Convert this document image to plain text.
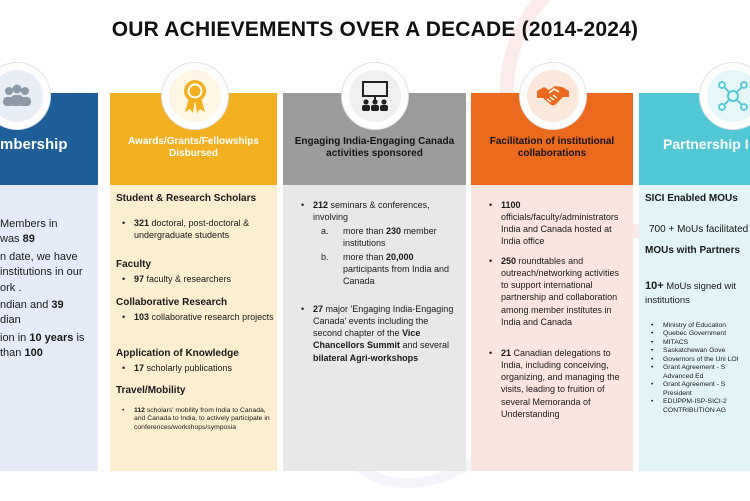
OUR ACHIEVEMENTS OVER A DECADE (2014-2024)
mbership
Members in
was 89
n date, we have
institutions in our
ork .
ndian and 39
dian
ion in 10 years is
than 100
Awards/Grants/Fellowships Disbursed
Student & Research Scholars
• 321 doctoral, post-doctoral & undergraduate students
Faculty
• 97 faculty & researchers
Collaborative Research
• 103 collaborative research projects
Application of Knowledge
• 17 scholarly publications
Travel/Mobility
• 112 scholars' mobility from India to Canada, and Canada to India, to actively participate in conferences/workshops/symposia
Engaging India-Engaging Canada activities sponsored
• 212 seminars & conferences, involving
a. more than 230 member institutions
b. more than 20,000 participants from India and Canada
• 27 major 'Engaging India-Engaging Canada' events including the second chapter of the Vice Chancellors Summit and several bilateral Agri-workshops
Facilitation of institutional collaborations
• 1100 officials/faculty/administrators India and Canada hosted at India office
• 250 roundtables and outreach/networking activities to support international partnership and collaboration among member institutes in India and Canada
• 21 Canadian delegations to India, including conceiving, organizing, and managing the visits, leading to fruition of several Memoranda of Understanding
Partnership I
SICI Enabled MOUs
700 + MoUs facilitated
MOUs with Partners
10+ MoUs signed wit
institutions
• Ministry of Education
• Quebec Government
• MITACS
• Saskatchewan Gove
• Governors of the Uni LOI
• Grant Agreement - S Advanced Ed
• Grant Agreement - S President
• EDUPPM-ISP-SICI-2 CONTRIBUTION AG
